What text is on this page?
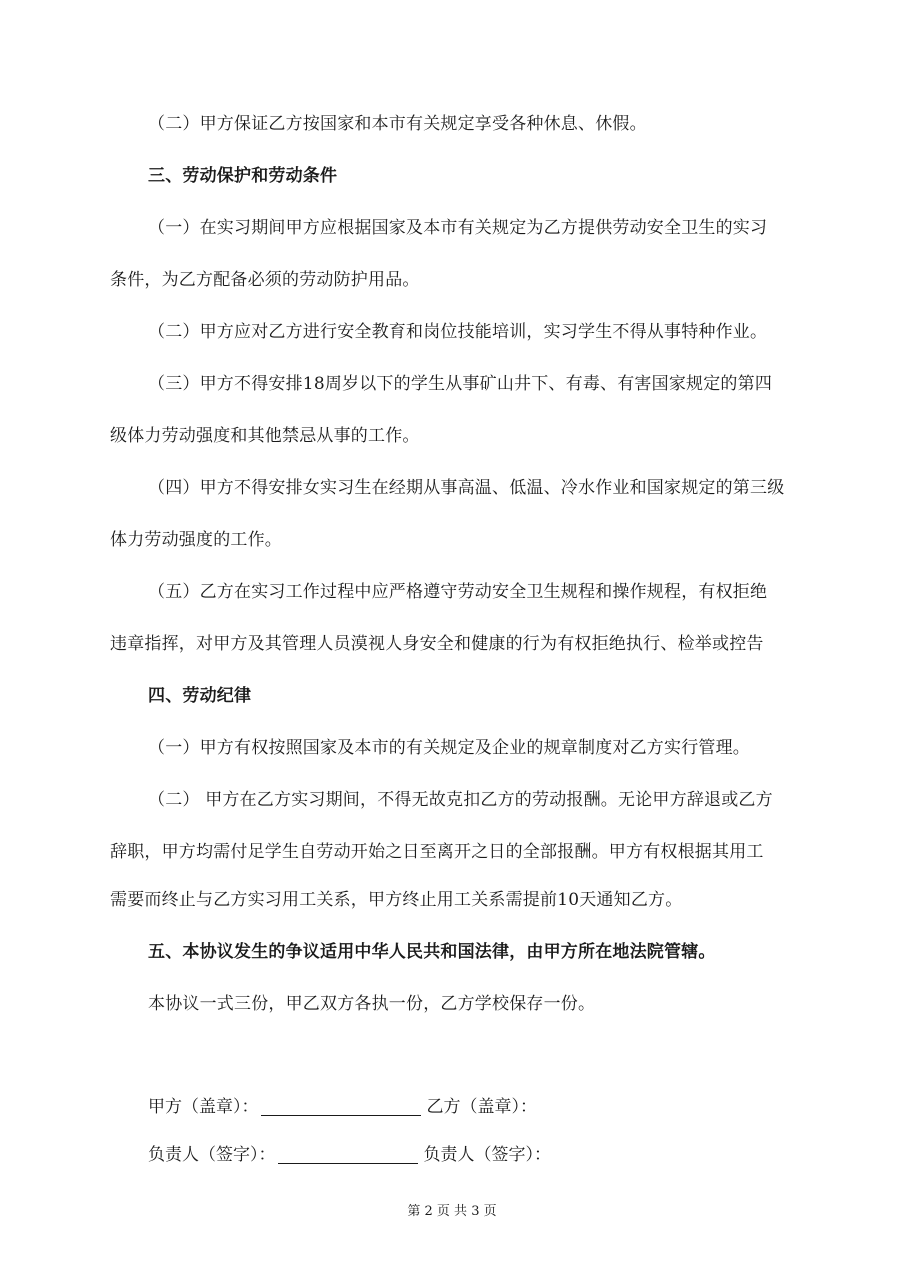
（二）甲方保证乙方按国家和本市有关规定享受各种休息、休假。
三、劳动保护和劳动条件
（一）在实习期间甲方应根据国家及本市有关规定为乙方提供劳动安全卫生的实习
条件，为乙方配备必须的劳动防护用品。
（二）甲方应对乙方进行安全教育和岗位技能培训，实习学生不得从事特种作业。
（三）甲方不得安排18周岁以下的学生从事矿山井下、有毒、有害国家规定的第四
级体力劳动强度和其他禁忌从事的工作。
（四）甲方不得安排女实习生在经期从事高温、低温、冷水作业和国家规定的第三级
体力劳动强度的工作。
（五）乙方在实习工作过程中应严格遵守劳动安全卫生规程和操作规程，有权拒绝
违章指挥，对甲方及其管理人员漠视人身安全和健康的行为有权拒绝执行、检举或控告
四、劳动纪律
（一）甲方有权按照国家及本市的有关规定及企业的规章制度对乙方实行管理。
（二） 甲方在乙方实习期间，不得无故克扣乙方的劳动报酬。无论甲方辞退或乙方
辞职，甲方均需付足学生自劳动开始之日至离开之日的全部报酬。甲方有权根据其用工
需要而终止与乙方实习用工关系，甲方终止用工关系需提前10天通知乙方。
五、本协议发生的争议适用中华人民共和国法律，由甲方所在地法院管辖。
本协议一式三份，甲乙双方各执一份，乙方学校保存一份。
甲方（盖章）：	乙方（盖章）：
负责人（签字）：	负责人（签字）：
第 2 页 共 3 页
